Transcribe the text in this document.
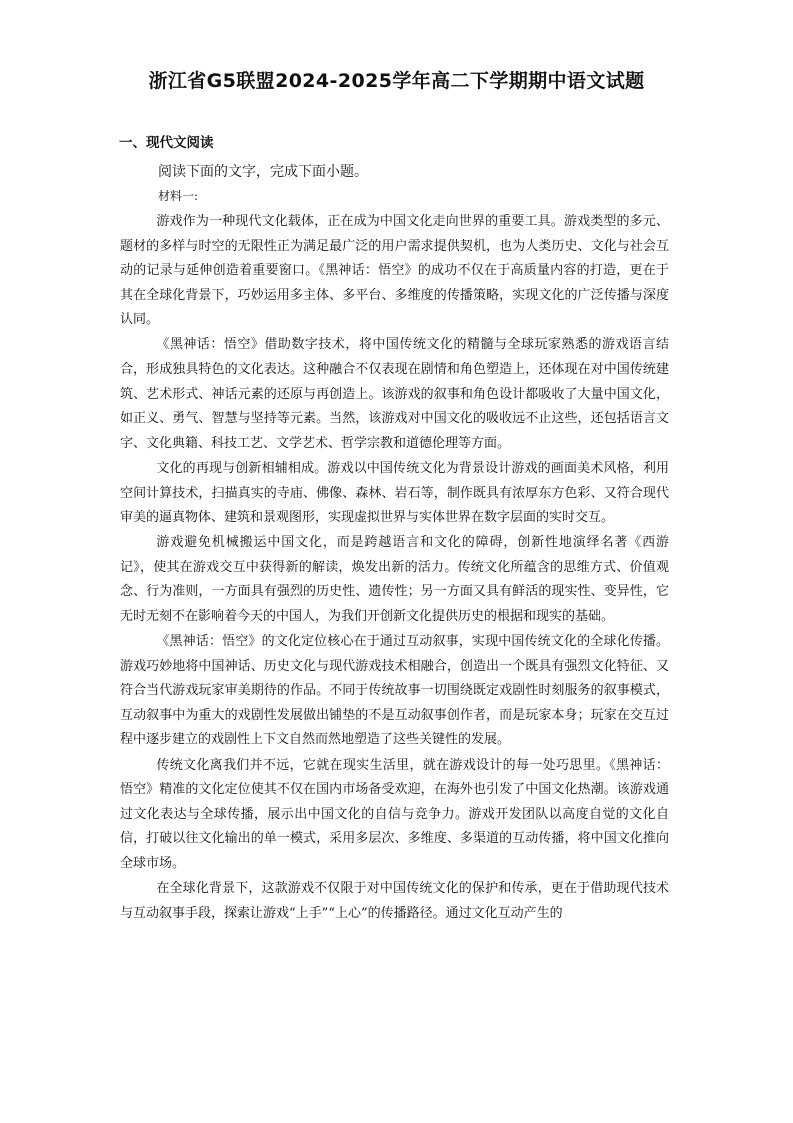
浙江省G5联盟2024-2025学年高二下学期期中语文试题
一、现代文阅读

阅读下面的文字，完成下面小题。

材料一:

游戏作为一种现代文化载体，正在成为中国文化走向世界的重要工具。游戏类型的多元、题材的多样与时空的无限性正为满足最广泛的用户需求提供契机，也为人类历史、文化与社会互动的记录与延伸创造着重要窗口。《黑神话：悟空》的成功不仅在于高质量内容的打造，更在于其在全球化背景下，巧妙运用多主体、多平台、多维度的传播策略，实现文化的广泛传播与深度认同。

《黑神话：悟空》借助数字技术，将中国传统文化的精髓与全球玩家熟悉的游戏语言结合，形成独具特色的文化表达。这种融合不仅表现在剧情和角色塑造上，还体现在对中国传统建筑、艺术形式、神话元素的还原与再创造上。该游戏的叙事和角色设计都吸收了大量中国文化，如正义、勇气、智慧与坚持等元素。当然，该游戏对中国文化的吸收远不止这些，还包括语言文字、文化典籍、科技工艺、文学艺术、哲学宗教和道德伦理等方面。

文化的再现与创新相辅相成。游戏以中国传统文化为背景设计游戏的画面美术风格，利用空间计算技术，扫描真实的寺庙、佛像、森林、岩石等，制作既具有浓厚东方色彩、又符合现代审美的逼真物体、建筑和景观图形，实现虚拟世界与实体世界在数字层面的实时交互。

游戏避免机械搬运中国文化，而是跨越语言和文化的障碍，创新性地演绎名著《西游记》，使其在游戏交互中获得新的解读，焕发出新的活力。传统文化所蕴含的思维方式、价值观念、行为准则，一方面具有强烈的历史性、遗传性；另一方面又具有鲜活的现实性、变异性，它无时无刻不在影响着今天的中国人，为我们开创新文化提供历史的根据和现实的基础。

《黑神话：悟空》的文化定位核心在于通过互动叙事，实现中国传统文化的全球化传播。游戏巧妙地将中国神话、历史文化与现代游戏技术相融合，创造出一个既具有强烈文化特征、又符合当代游戏玩家审美期待的作品。不同于传统故事一切围绕既定戏剧性时刻服务的叙事模式，互动叙事中为重大的戏剧性发展做出铺垫的不是互动叙事创作者，而是玩家本身；玩家在交互过程中逐步建立的戏剧性上下文自然而然地塑造了这些关键性的发展。

传统文化离我们并不远，它就在现实生活里，就在游戏设计的每一处巧思里。《黑神话：悟空》精准的文化定位使其不仅在国内市场备受欢迎，在海外也引发了中国文化热潮。该游戏通过文化表达与全球传播，展示出中国文化的自信与竞争力。游戏开发团队以高度自觉的文化自信，打破以往文化输出的单一模式，采用多层次、多维度、多渠道的互动传播，将中国文化推向全球市场。

在全球化背景下，这款游戏不仅限于对中国传统文化的保护和传承，更在于借助现代技术与互动叙事手段，探索让游戏“上手”“上心”的传播路径。通过文化互动产生的
